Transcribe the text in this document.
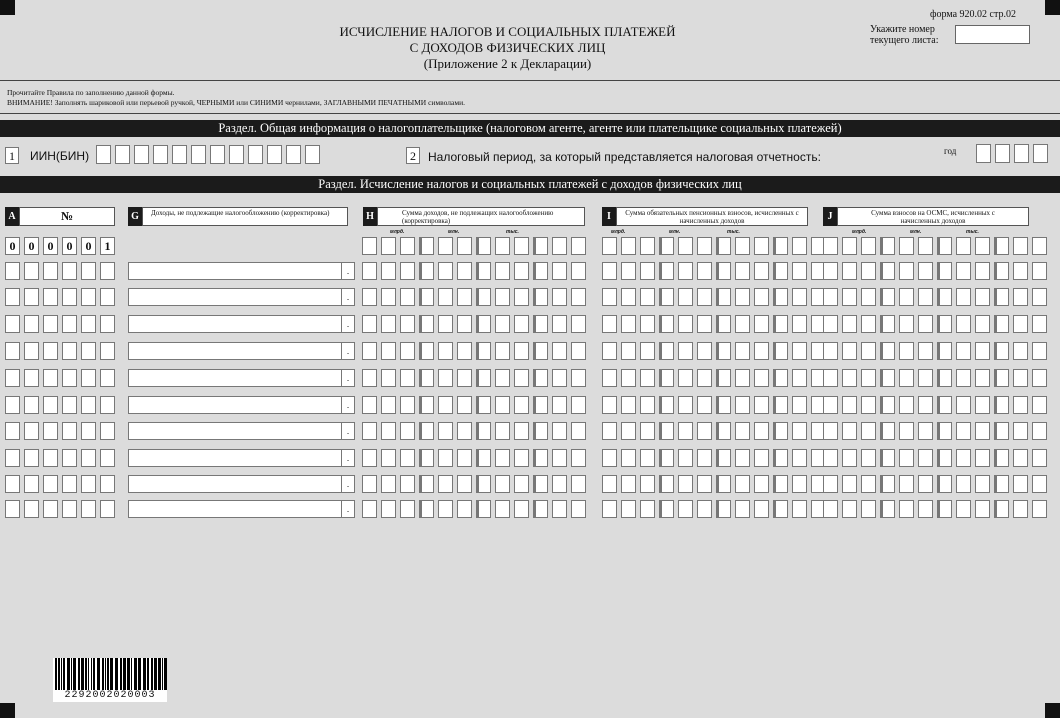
форма 920.02 стр.02
ИСЧИСЛЕНИЕ НАЛОГОВ И СОЦИАЛЬНЫХ ПЛАТЕЖЕЙ
С ДОХОДОВ ФИЗИЧЕСКИХ ЛИЦ
(Приложение 2 к Декларации)
Укажите номер
текущего листа:
Прочитайте Правила по заполнению данной формы.
ВНИМАНИЕ! Заполнять шариковой или перьевой ручкой, ЧЕРНЫМИ или СИНИМИ чернилами, ЗАГЛАВНЫМИ ПЕЧАТНЫМИ символами.
Раздел. Общая информация о налогоплательщике (налоговом агенте, агенте или плательщике социальных платежей)
1	ИИН(БИН)	2	Налоговый период, за который представляется налоговая отчетность:	год
Раздел. Исчисление налогов и социальных платежей с доходов физических лиц
A	№	G	Доходы, не подлежащие налогообложению (корректировка)	H	Сумма доходов, не подлежащих налогообложению (корректировка)	I	Сумма обязательных пенсионных взносов, исчисленных с начисленных доходов	J	Сумма взносов на ОСМС, исчисленных с начисленных доходов
млрд.	млн.	тыс.	млрд.	млн.	тыс.	млрд.	млн.	тыс.
0	0	0	0	0	1
-
-
-
-
-
-
-
-
-
-
2292002020003
